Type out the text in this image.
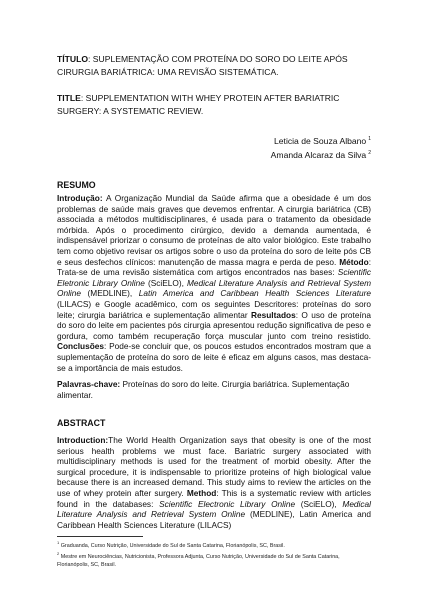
TÍTULO: SUPLEMENTAÇÃO COM PROTEÍNA DO SORO DO LEITE APÓS CIRURGIA BARIÁTRICA: UMA REVISÃO SISTEMÁTICA.

TITLE: SUPPLEMENTATION WITH WHEY PROTEIN AFTER BARIATRIC SURGERY: A SYSTEMATIC REVIEW.

Leticia de Souza Albano $^1$
Amanda Alcaraz da Silva $^2$
RESUMO

Introdução: A Organização Mundial da Saúde afirma que a obesidade é um dos problemas de saúde mais graves que devemos enfrentar. A cirurgia bariátrica (CB) associada a métodos multidisciplinares, é usada para o tratamento da obesidade mórbida. Após o procedimento cirúrgico, devido a demanda aumentada, é indispensável priorizar o consumo de proteínas de alto valor biológico. Este trabalho tem como objetivo revisar os artigos sobre o uso da proteína do soro de leite pós CB e seus desfechos clínicos: manutenção de massa magra e perda de peso. Método: Trata-se de uma revisão sistemática com artigos encontrados nas bases: Scientific Eletronic Library Online (SciELO), Medical Literature Analysis and Retrieval System Online (MEDLINE), Latin America and Caribbean Health Sciences Literature (LILACS) e Google acadêmico, com os seguintes Descritores: proteínas do soro leite; cirurgia bariátrica e suplementação alimentar Resultados: O uso de proteína do soro do leite em pacientes pós cirurgia apresentou redução significativa de peso e gordura, como também recuperação força muscular junto com treino resistido. Conclusões: Pode-se concluir que, os poucos estudos encontrados mostram que a suplementação de proteína do soro de leite é eficaz em alguns casos, mas destaca-se a importância de mais estudos.

Palavras-chave: Proteínas do soro do leite. Cirurgia bariátrica. Suplementação alimentar.

ABSTRACT

Introduction:The World Health Organization says that obesity is one of the most serious health problems we must face. Bariatric surgery associated with multidisciplinary methods is used for the treatment of morbid obesity. After the surgical procedure, it is indispensable to prioritize proteins of high biological value because there is an increased demand. This study aims to review the articles on the use of whey protein after surgery. Method: This is a systematic review with articles found in the databases: Scientific Electronic Library Online (SciELO), Medical Literature Analysis and Retrieval System Online (MEDLINE), Latin America and Caribbean Health Sciences Literature (LILACS)

$^1$ Graduanda, Curso Nutrição, Universidade do Sul de Santa Catarina, Florianópolis, SC, Brasil.
$^2$ Mestre em Neurociências, Nutricionista, Professora Adjunta, Curso Nutrição, Universidade do Sul de Santa Catarina, Florianópolis, SC, Brasil.
